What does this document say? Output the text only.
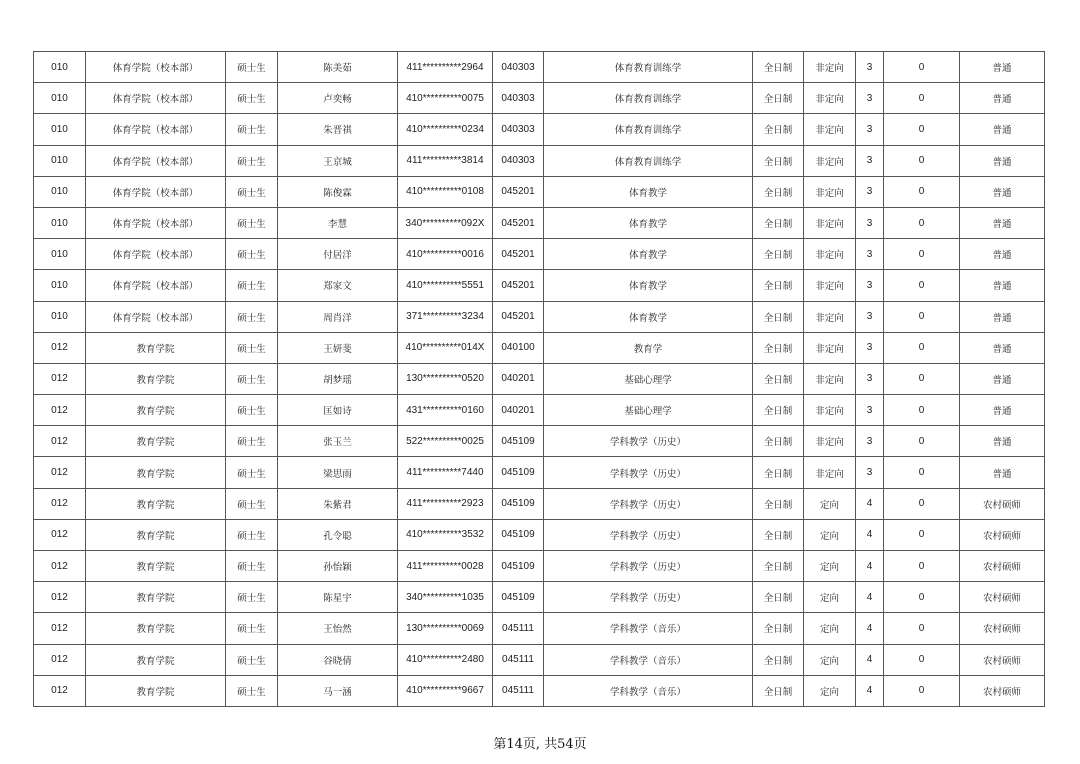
010	体育学院（校本部）	硕士生	陈美茹	411**********2964	040303	体育教育训练学	全日制	非定向	3	0	普通
010	体育学院（校本部）	硕士生	卢奕畅	410**********0075	040303	体育教育训练学	全日制	非定向	3	0	普通
010	体育学院（校本部）	硕士生	朱晋祺	410**********0234	040303	体育教育训练学	全日制	非定向	3	0	普通
010	体育学院（校本部）	硕士生	王京城	411**********3814	040303	体育教育训练学	全日制	非定向	3	0	普通
010	体育学院（校本部）	硕士生	陈俊霖	410**********0108	045201	体育教学	全日制	非定向	3	0	普通
010	体育学院（校本部）	硕士生	李慧	340**********092X	045201	体育教学	全日制	非定向	3	0	普通
010	体育学院（校本部）	硕士生	付居洋	410**********0016	045201	体育教学	全日制	非定向	3	0	普通
010	体育学院（校本部）	硕士生	郑家文	410**********5551	045201	体育教学	全日制	非定向	3	0	普通
010	体育学院（校本部）	硕士生	周肖洋	371**********3234	045201	体育教学	全日制	非定向	3	0	普通
012	教育学院	硕士生	王妍斐	410**********014X	040100	教育学	全日制	非定向	3	0	普通
012	教育学院	硕士生	胡梦瑶	130**********0520	040201	基础心理学	全日制	非定向	3	0	普通
012	教育学院	硕士生	匡如诗	431**********0160	040201	基础心理学	全日制	非定向	3	0	普通
012	教育学院	硕士生	张玉兰	522**********0025	045109	学科教学（历史）	全日制	非定向	3	0	普通
012	教育学院	硕士生	梁思雨	411**********7440	045109	学科教学（历史）	全日制	非定向	3	0	普通
012	教育学院	硕士生	朱紫君	411**********2923	045109	学科教学（历史）	全日制	定向	4	0	农村硕师
012	教育学院	硕士生	孔令聪	410**********3532	045109	学科教学（历史）	全日制	定向	4	0	农村硕师
012	教育学院	硕士生	孙怡颖	411**********0028	045109	学科教学（历史）	全日制	定向	4	0	农村硕师
012	教育学院	硕士生	陈星宇	340**********1035	045109	学科教学（历史）	全日制	定向	4	0	农村硕师
012	教育学院	硕士生	王怡然	130**********0069	045111	学科教学（音乐）	全日制	定向	4	0	农村硕师
012	教育学院	硕士生	谷晓倩	410**********2480	045111	学科教学（音乐）	全日制	定向	4	0	农村硕师
012	教育学院	硕士生	马一涵	410**********9667	045111	学科教学（音乐）	全日制	定向	4	0	农村硕师
第14页, 共54页
